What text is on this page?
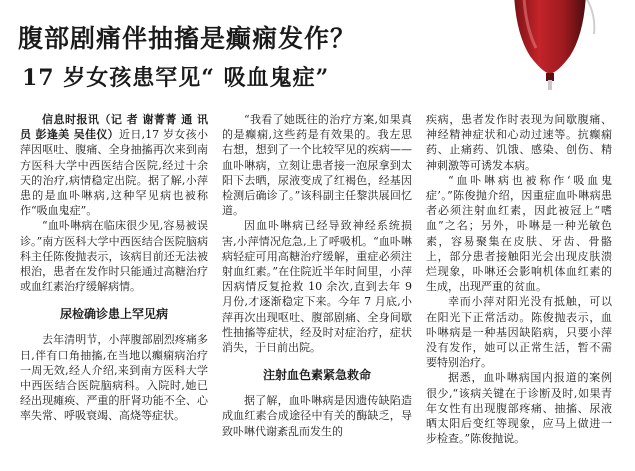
腹部剧痛伴抽搐是癫痫发作？
17 岁女孩患罕见“ 吸血鬼症”

信息时报讯（记 者 谢菁菁 通 讯 员 彭逢美 吴佳仪）近日,17 岁女孩小萍因呕吐、腹痛、全身抽搐再次来到南方医科大学中西医结合医院,经过十余天的治疗,病情稳定出院。据了解,小萍患的是血卟啉病,这种罕见病也被称作“吸血鬼症”。

“血卟啉病在临床很少见,容易被误诊。”南方医科大学中西医结合医院脑病科主任陈俊抛表示，该病目前还无法被根治，患者在发作时只能通过高糖治疗或血红素治疗缓解病情。

尿检确诊患上罕见病

去年清明节，小萍腹部剧烈疼痛多日,伴有口角抽搐,在当地以癫痫病治疗一周无效,经人介绍,来到南方医科大学中西医结合医院脑病科。入院时,她已经出现瘫痪、严重的肝肾功能不全、心率失常、呼吸衰竭、高烧等症状。

“我看了她既往的治疗方案,如果真的是癫痫,这些药是有效果的。我左思右想，想到了一个比较罕见的疾病——血卟啉病，立刻让患者接一泡尿拿到太阳下去晒，尿液变成了红褐色，经基因检测后确诊了。”该科副主任黎洪展回忆道。

因血卟啉病已经导致神经系统损害,小萍情况危急,上了呼吸机。“血卟啉病轻症可用高糖治疗缓解，重症必须注射血红素。”在住院近半年时间里，小萍因病情反复抢救 10 余次,直到去年 9 月份,才逐渐稳定下来。今年 7 月底,小萍再次出现呕吐、腹部剧痛、全身间歇性抽搐等症状，经及时对症治疗，症状消失，于日前出院。

注射血色素紧急救命

据了解，血卟啉病是因遗传缺陷造成血红素合成途径中有关的酶缺乏，导致卟啉代谢紊乱而发生的

疾病，患者发作时表现为间歇腹痛、神经精神症状和心动过速等。抗癫痫药、止痛药、饥饿、感染、创伤、精神刺激等可诱发本病。

“血卟啉病也被称作‘吸血鬼症’。”陈俊抛介绍，因重症血卟啉病患者必须注射血红素，因此被冠上“嗜血”之名；另外，卟啉是一种光敏色素，容易聚集在皮肤、牙齿、骨骼上，部分患者接触阳光会出现皮肤溃烂现象，卟啉还会影响机体血红素的生成，出现严重的贫血。

幸而小萍对阳光没有抵触，可以在阳光下正常活动。陈俊抛表示，血卟啉病是一种基因缺陷病，只要小萍没有发作，她可以正常生活，暂不需要特别治疗。

据悉，血卟啉病国内报道的案例很少,“该病关键在于诊断及时,如果青年女性有出现腹部疼痛、抽搐、尿液晒太阳后变红等现象，应马上做进一步检查。”陈俊抛说。
